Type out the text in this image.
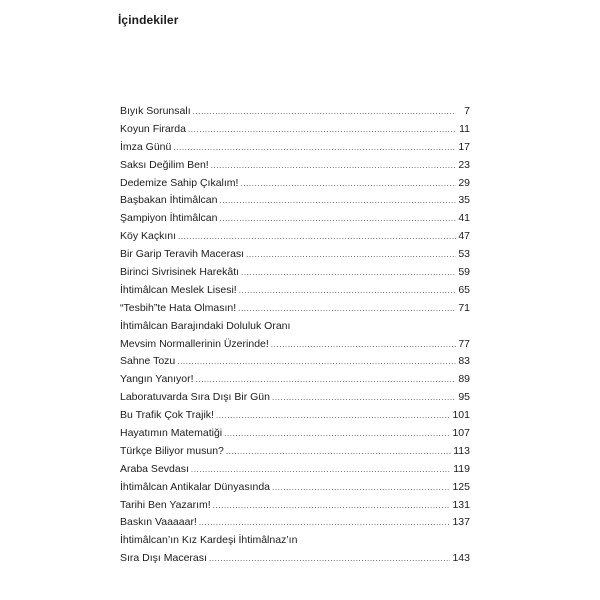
İçindekiler
Bıyık Sorunsalı .....	7
Koyun Firarda .....	11
İmza Günü .....	17
Saksı Değilim Ben! .....	23
Dedemize Sahip Çıkalım! .....	29
Başbakan İhtimâlcan .....	35
Şampiyon İhtimâlcan .....	41
Köy Kaçkını .....	47
Bir Garip Teravih Macerası .....	53
Birinci Sivrisinek Harekâtı .....	59
İhtimâlcan Meslek Lisesi! .....	65
“Tesbih”te Hata Olmasın! .....	71
İhtimâlcan Barajındaki Doluluk Oranı
Mevsim Normallerinin Üzerinde! .....	77
Sahne Tozu .....	83
Yangın Yanıyor! .....	89
Laboratuvarda Sıra Dışı Bir Gün .....	95
Bu Trafik Çok Trajik! .....	101
Hayatımın Matematiği .....	107
Türkçe Biliyor musun? .....	113
Araba Sevdası .....	119
İhtimâlcan Antikalar Dünyasında .....	125
Tarihi Ben Yazarım! .....	131
Baskın Vaaaaar! .....	137
İhtimâlcan’ın Kız Kardeşi İhtimâlnaz’ın
Sıra Dışı Macerası .....	143
